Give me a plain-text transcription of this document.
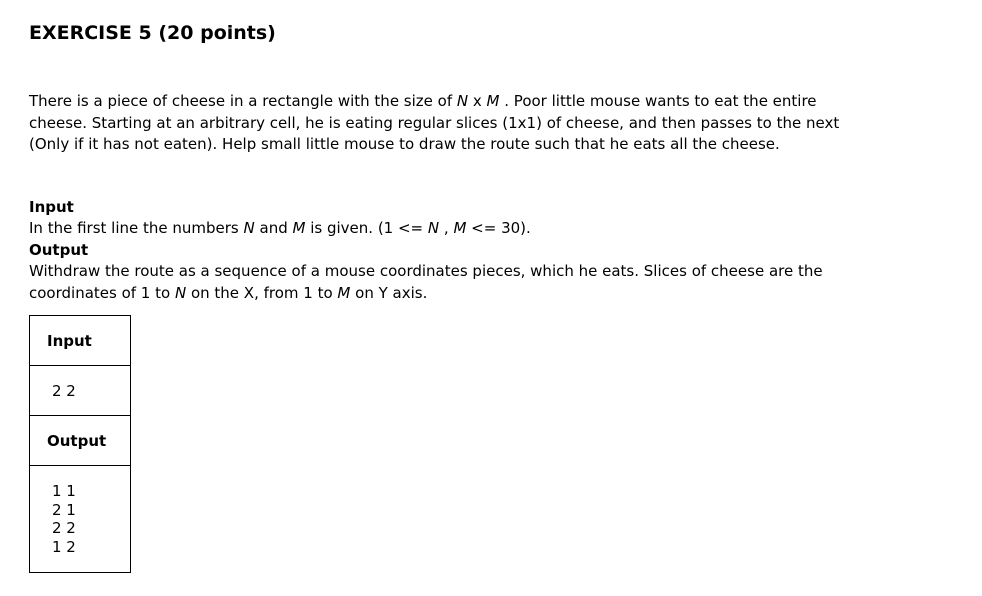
EXERCISE 5 (20 points)

There is a piece of cheese in a rectangle with the size of N x M . Poor little mouse wants to eat the entire cheese. Starting at an arbitrary cell, he is eating regular slices (1x1) of cheese, and then passes to the next (Only if it has not eaten). Help small little mouse to draw the route such that he eats all the cheese.

Input

In the first line the numbers N and M is given. (1 <= N , M <= 30).

Output

Withdraw the route as a sequence of a mouse coordinates pieces, which he eats. Slices of cheese are the coordinates of 1 to N on the X, from 1 to M on Y axis.

Input
2 2
Output

1 1
2 1
2 2
1 2
